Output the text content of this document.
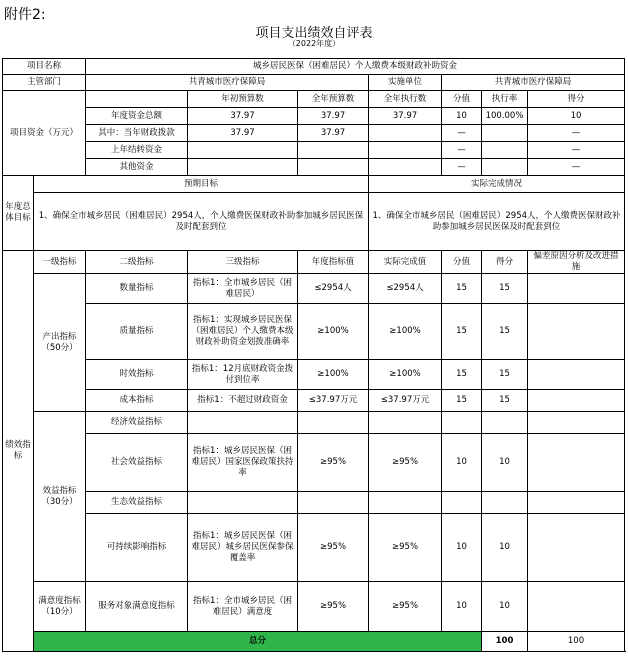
附件2:
项目支出绩效自评表
（2022年度）
项目名称		城乡居民医保（困难居民）个人缴费本级财政补助资金						
主管部门		共青城市医疗保障局			实施单位	共青城市医疗保障局		
项目资金（万元）			年初预算数	全年预算数	全年执行数	分值	执行率	得分
		年度资金总额	37.97	37.97	37.97	10	100.00%	10
		其中：当年财政拨款	37.97	37.97		—		—
		上年结转资金				—		—
		其他资金				—		—
年度总体目标	预期目标				实际完成情况			
	1、确保全市城乡居民（困难居民）2954人，个人缴费医保财政补助参加城乡居民医保及时配套到位				1、确保全市城乡居民（困难居民）2954人，个人缴费医保财政补助参加城乡居民医保及时配套到位			
绩效指标	一级指标	二级指标	三级指标	年度指标值	实际完成值	分值	得分	偏差原因分析及改进措施
	产出指标（50分）	数量指标	指标1：全市城乡居民（困难居民）	≤2954人	≤2954人	15	15	
		质量指标	指标1：实现城乡居民医保（困难居民）个人缴费本级财政补助资金划拨准确率	≥100%	≥100%	15	15	
		时效指标	指标1：12月底财政资金拨付到位率	≥100%	≥100%	15	15	
		成本指标	指标1：不超过财政资金	≤37.97万元	≤37.97万元	15	15	
	效益指标（30分）	经济效益指标						
		社会效益指标	指标1：城乡居民医保（困难居民）国家医保政策扶持率	≥95%	≥95%	10	10	
		生态效益指标						
		可持续影响指标	指标1：城乡居民医保（困难居民）城乡居民医保参保覆盖率	≥95%	≥95%	10	10	
	满意度指标（10分）	服务对象满意度指标	指标1：全市城乡居民（困难居民）满意度	≥95%	≥95%	10	10	
	总分						100	100
